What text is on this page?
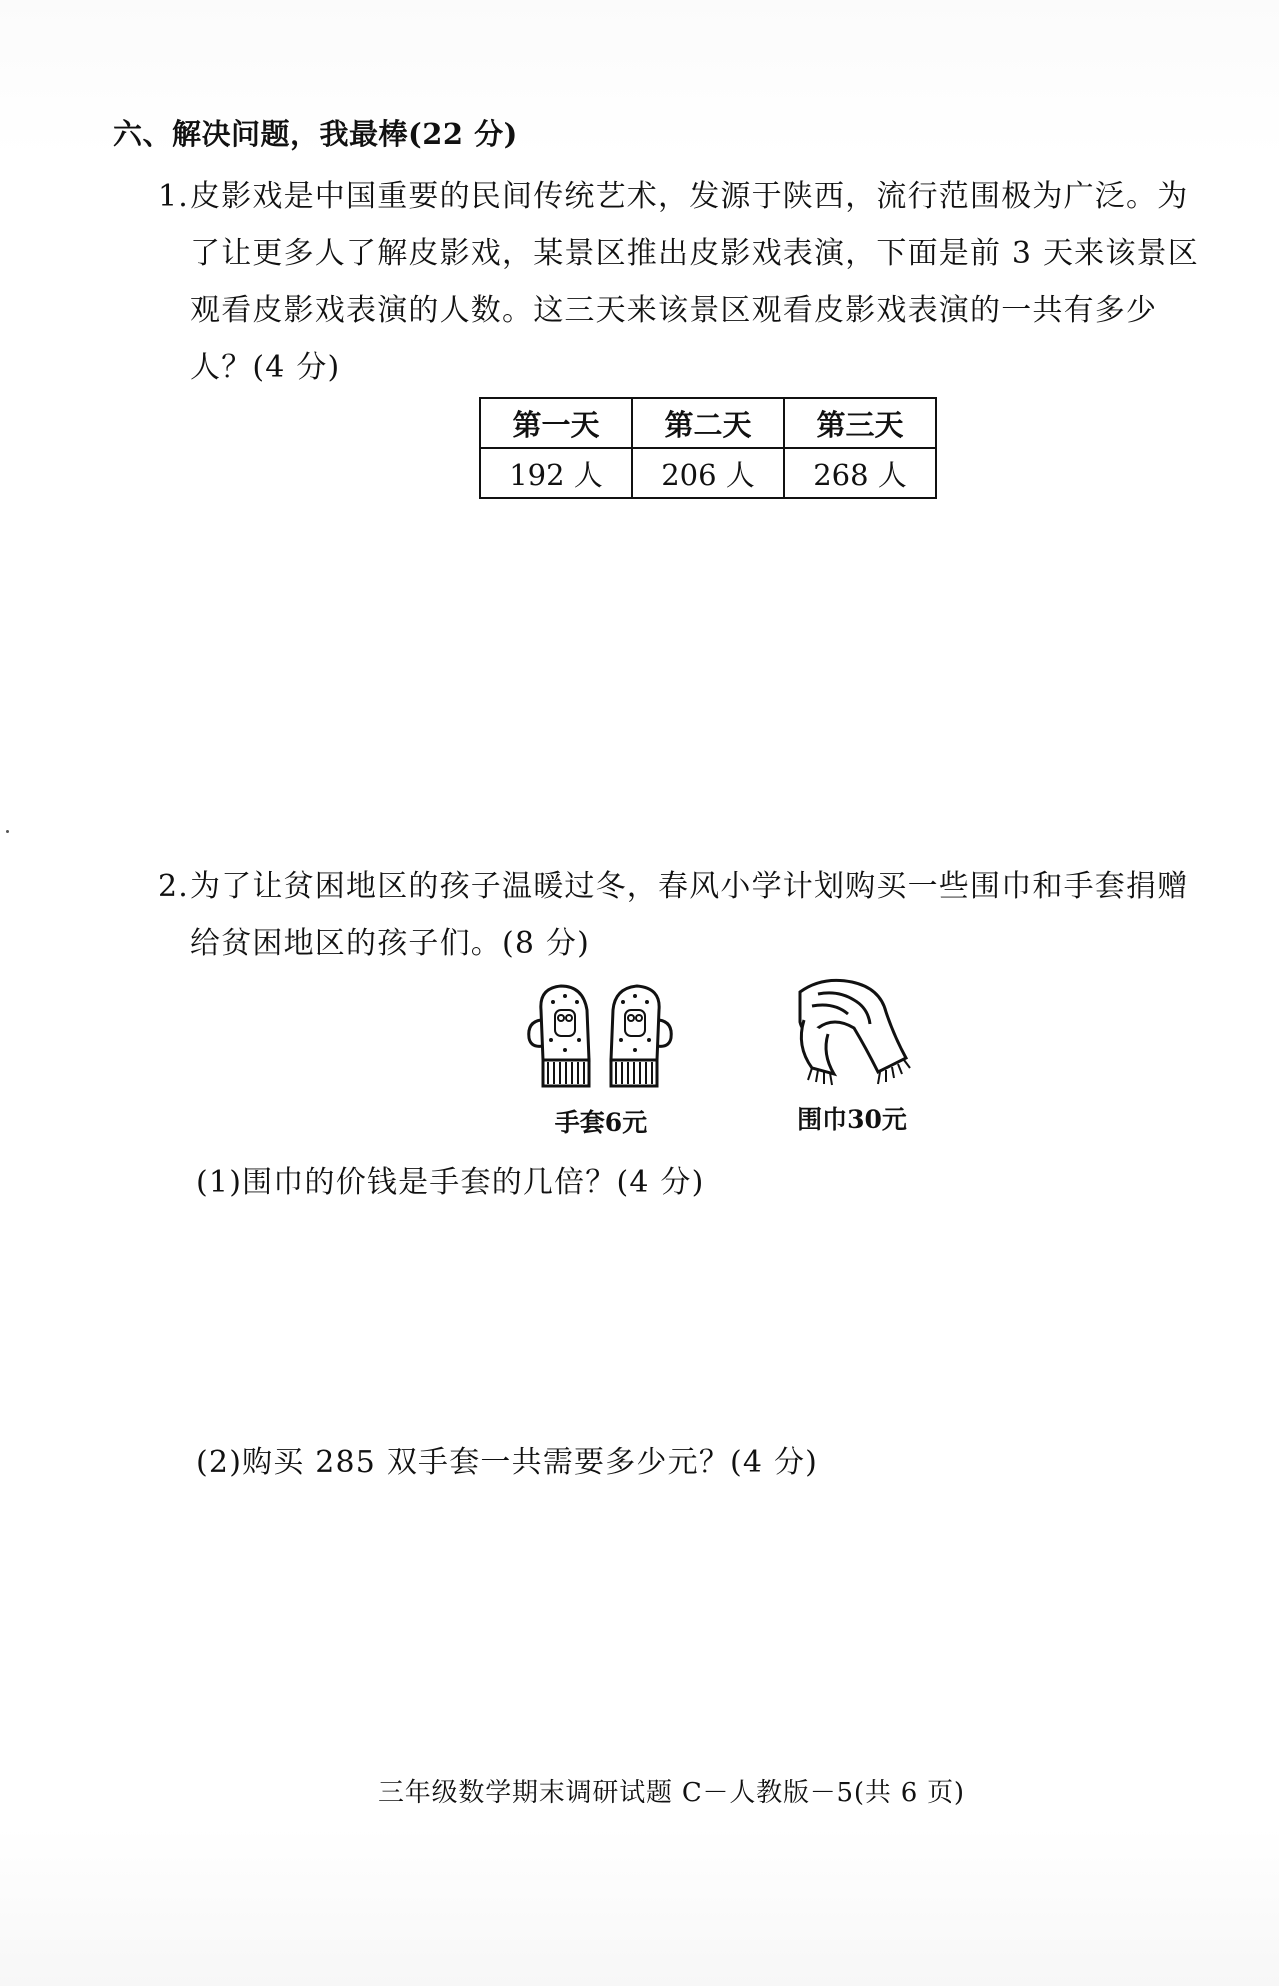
六、解决问题，我最棒(22 分)
1.皮影戏是中国重要的民间传统艺术，发源于陕西，流行范围极为广泛。为
了让更多人了解皮影戏，某景区推出皮影戏表演，下面是前 3 天来该景区
观看皮影戏表演的人数。这三天来该景区观看皮影戏表演的一共有多少
人？(4 分)
第一天	第二天	第三天
192 人	206 人	268 人
2.为了让贫困地区的孩子温暖过冬，春风小学计划购买一些围巾和手套捐赠
给贫困地区的孩子们。(8 分)
手套6元	围巾30元
(1)围巾的价钱是手套的几倍？(4 分)
(2)购买 285 双手套一共需要多少元？(4 分)
三年级数学期末调研试题 C－人教版－5(共 6 页)
